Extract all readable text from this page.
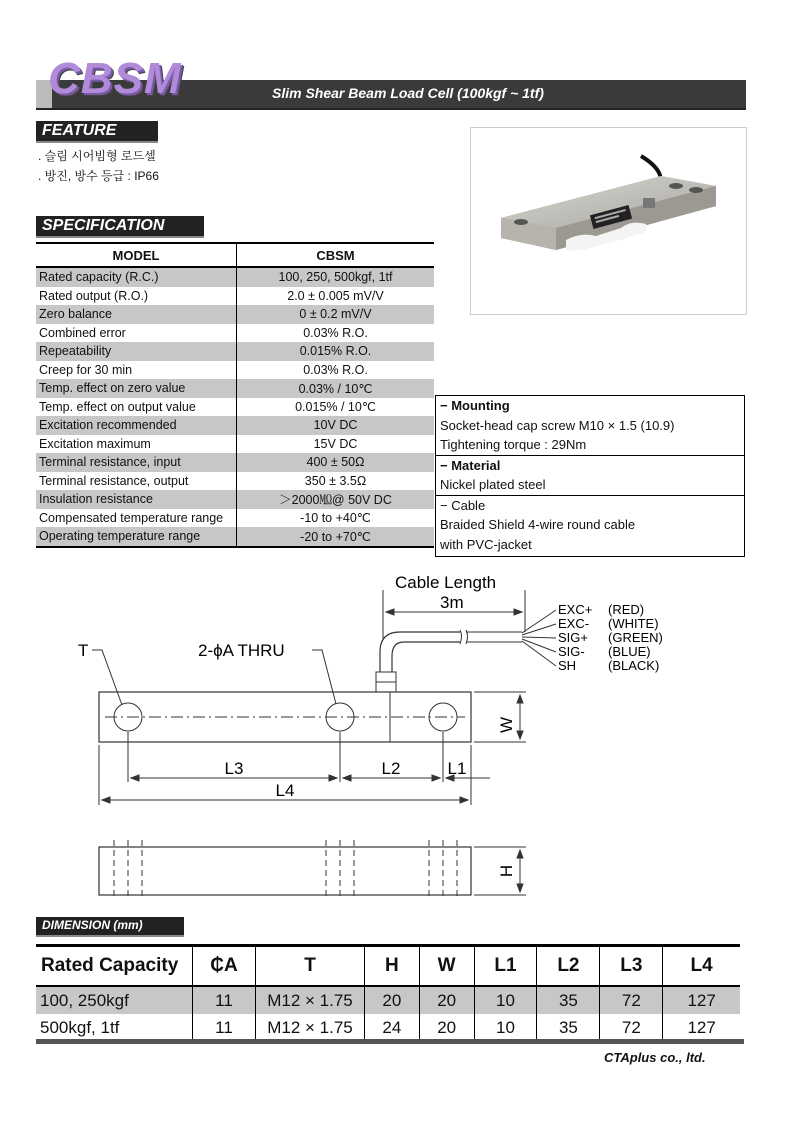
CBSM	Slim Shear Beam Load Cell (100kgf ~ 1tf)
FEATURE
. 슬림 시어빔형 로드셀
. 방진, 방수 등급 : IP66
SPECIFICATION
MODEL	CBSM
Rated capacity (R.C.)	100, 250, 500kgf, 1tf
Rated output (R.O.)	2.0 ± 0.005 mV/V
Zero balance	0 ± 0.2 mV/V
Combined error	0.03% R.O.
Repeatability	0.015% R.O.
Creep for 30 min	0.03% R.O.
Temp. effect on zero value	0.03% / 10℃
Temp. effect on output value	0.015% / 10℃
Excitation recommended	10V DC
Excitation maximum	15V DC
Terminal resistance, input	400 ± 50Ω
Terminal resistance, output	350 ± 3.5Ω
Insulation resistance	＞2000㏁@ 50V DC
Compensated temperature range	-10 to +40℃
Operating temperature range	-20 to +70℃
− Mounting
Socket-head cap screw M10 × 1.5 (10.9)
Tightening torque : 29Nm
− Material
Nickel plated steel
− Cable
Braided Shield 4-wire round cable
with PVC-jacket
Cable Length
3m
T	2-ϕA THRU
EXC+ (RED)
EXC- (WHITE)
SIG+ (GREEN)
SIG- (BLUE)
SH (BLACK)
W
H
L3	L2	L1
L4
DIMENSION (mm)
Rated Capacity	₵A	T	H	W	L1	L2	L3	L4
100, 250kgf	11	M12 × 1.75	20	20	10	35	72	127
500kgf, 1tf	11	M12 × 1.75	24	20	10	35	72	127
CTAplus co., ltd.
